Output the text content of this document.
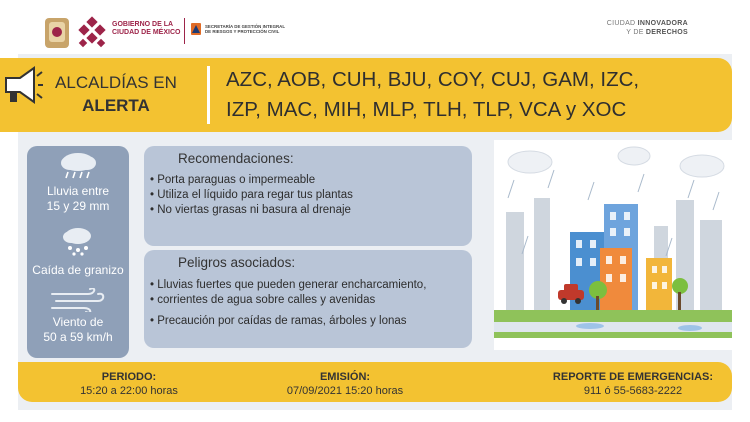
GOBIERNO DE LA
CIUDAD DE MÉXICO
SECRETARÍA DE GESTIÓN INTEGRAL
DE RIESGOS Y PROTECCIÓN CIVIL
CIUDAD INNOVADORA
Y DE DERECHOS
ALCALDÍAS EN
ALERTA
AZC, AOB, CUH, BJU, COY, CUJ, GAM, IZC,
IZP, MAC, MIH, MLP, TLH, TLP, VCA y XOC
Lluvia entre
15 y 29 mm
Caída de granizo
Viento de
50 a 59 km/h
Recomendaciones:
• Porta paraguas o impermeable
• Utiliza el líquido para regar tus plantas
• No viertas grasas ni basura al drenaje
Peligros asociados:
• Lluvias fuertes que pueden generar encharcamiento,
• corrientes de agua sobre calles y avenidas
• Precaución por caídas de ramas, árboles y lonas
PERIODO:
15:20 a 22:00 horas
EMISIÓN:
07/09/2021 15:20 horas
REPORTE DE EMERGENCIAS:
911 ó 55-5683-2222
